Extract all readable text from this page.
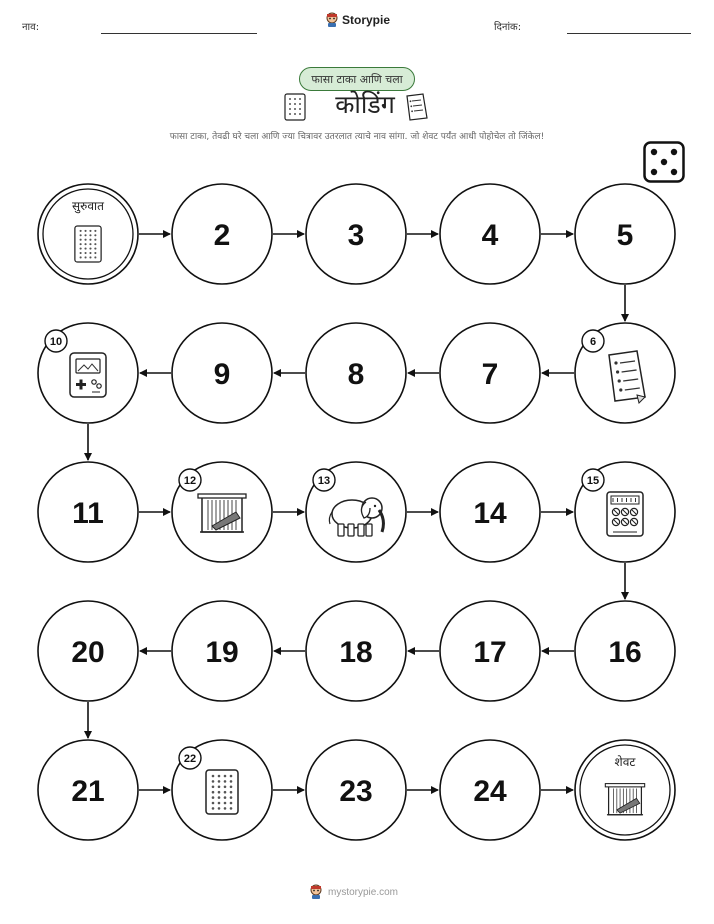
नाव:
Storypie
दिनांक:
फासा टाका आणि चला
कोडिंग
फासा टाका, तेवढी घरे चला आणि ज्या चित्रावर उतरलात त्याचे नाव सांगा. जो शेवट पर्यंत आधी पोहोचेल तो जिंकेल!
सुरुवात
2	3	4	5
6
7
8
9
10
11
12	13
14
15
16
17
18
19
20
21
22
23	24
शेवट
mystorypie.com
